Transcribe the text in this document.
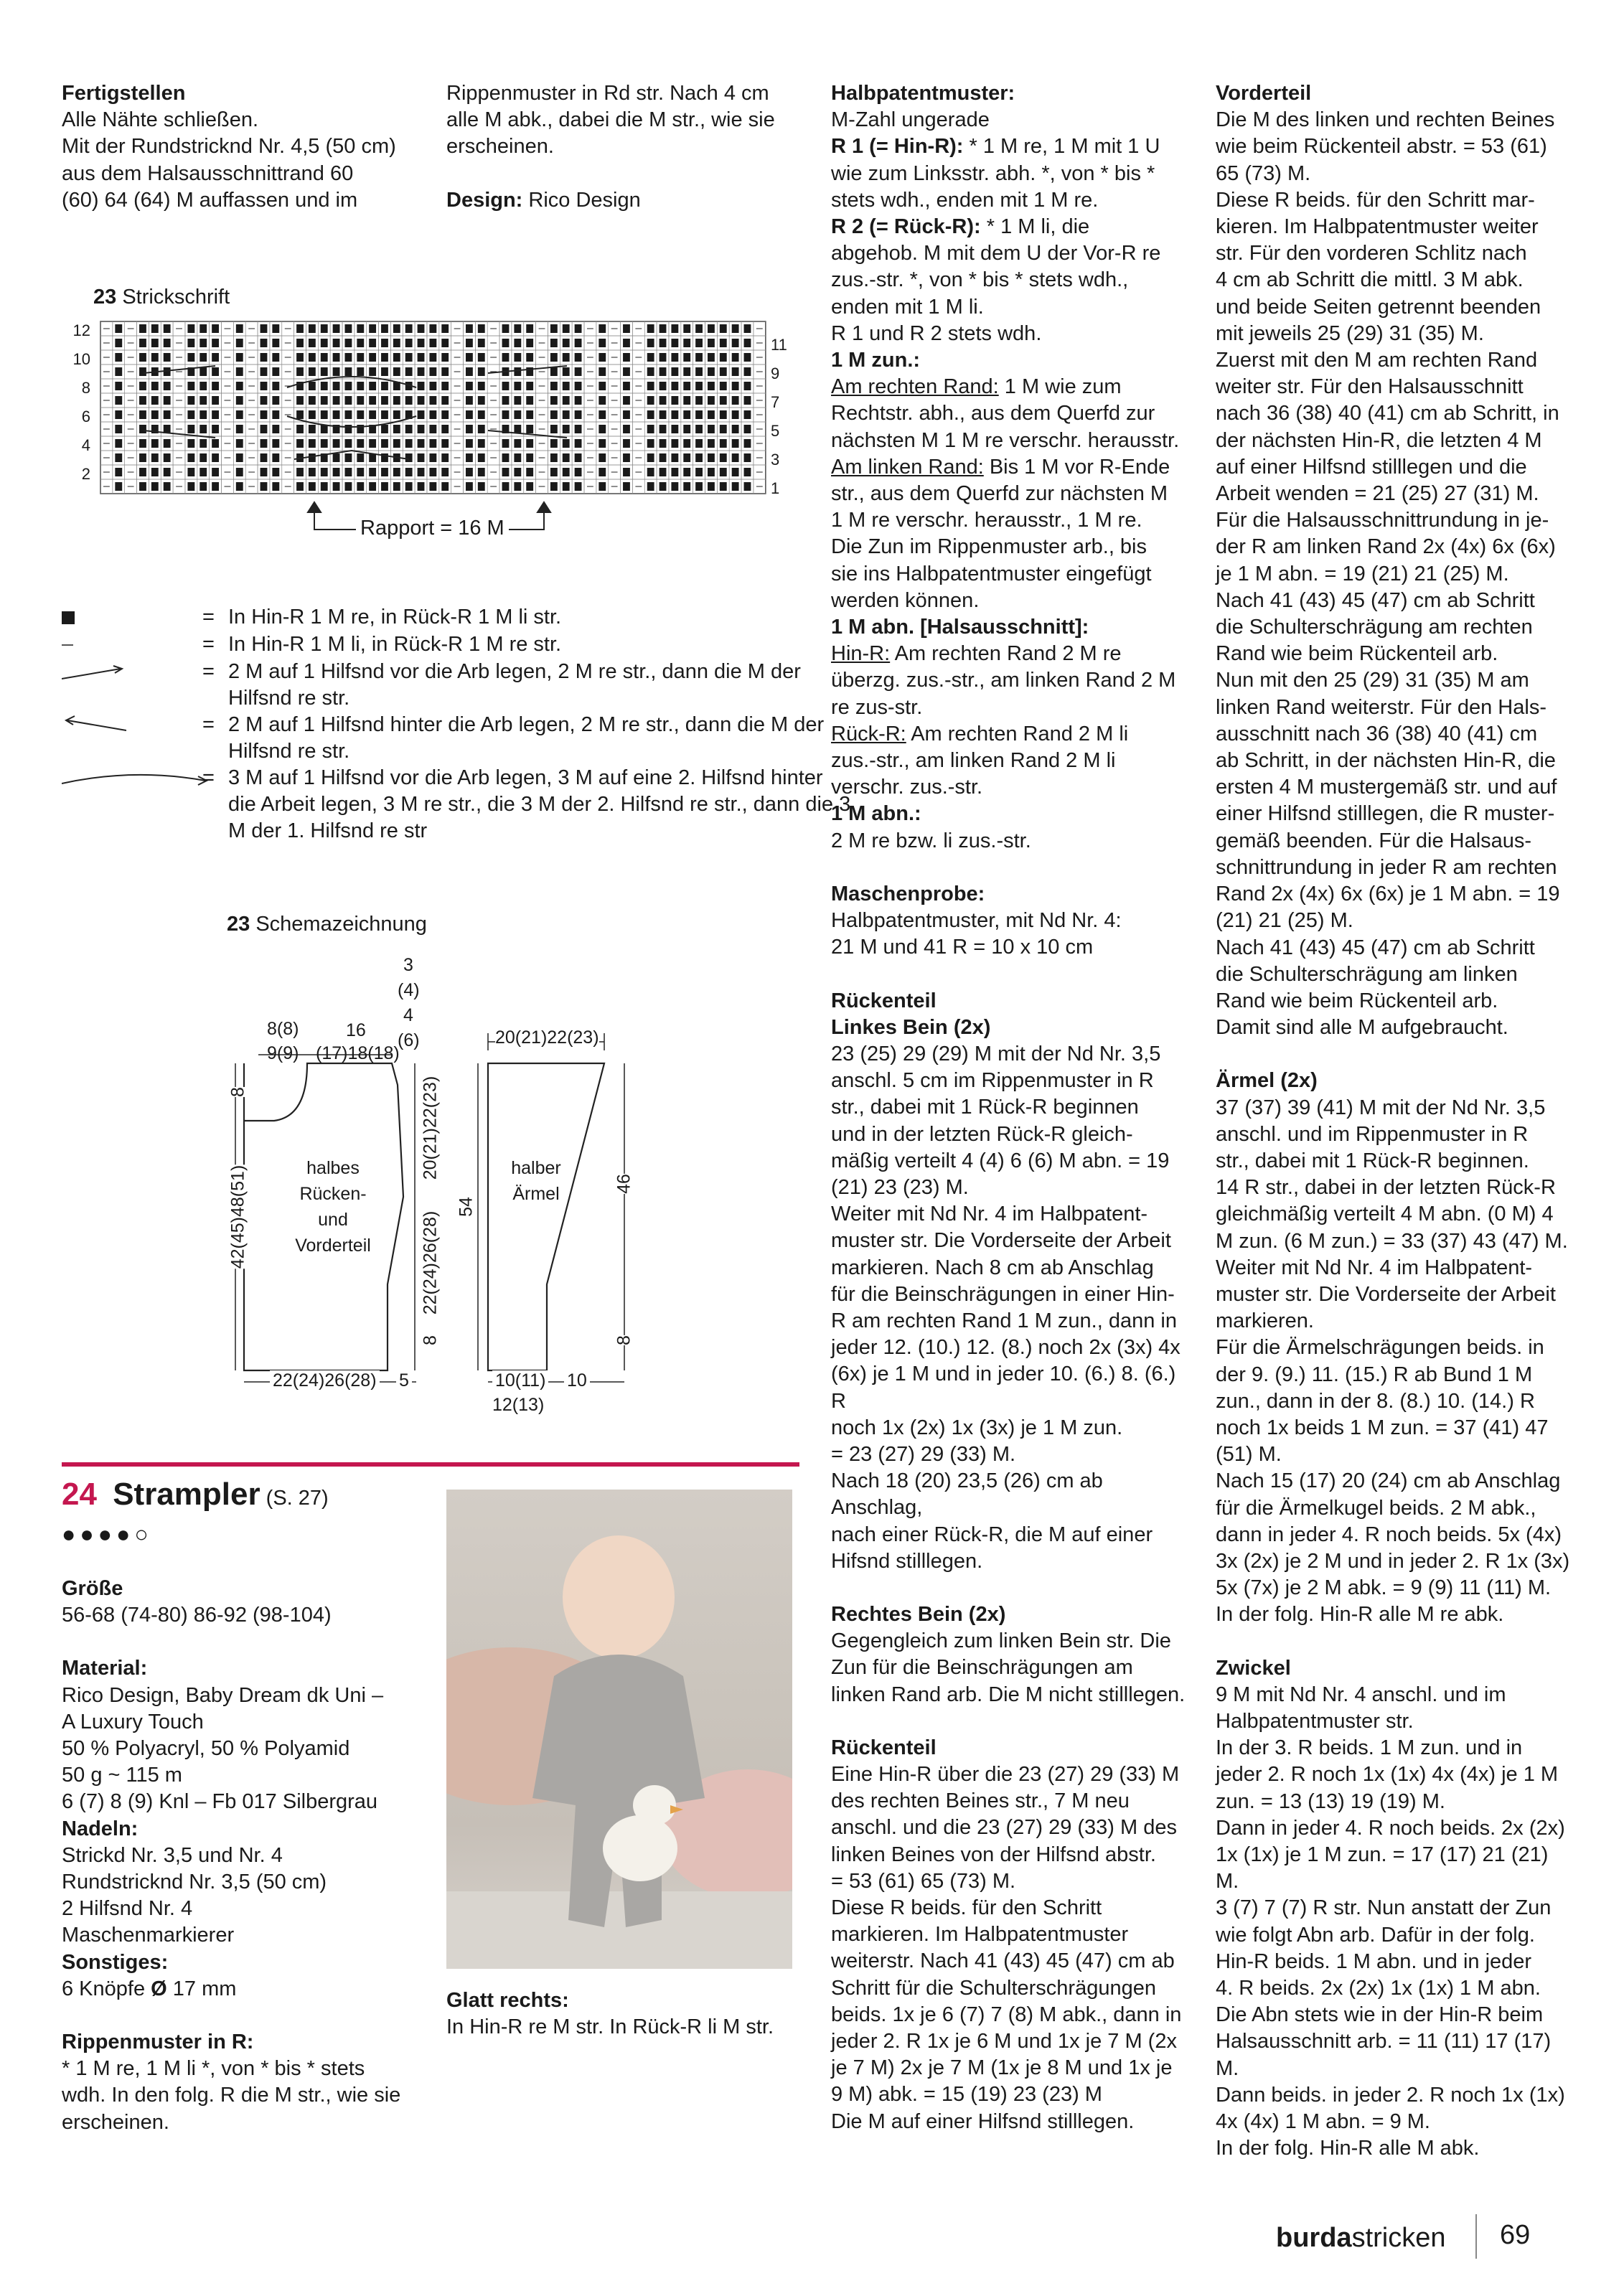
Fertigstellen

Alle Nähte schließen.

Mit der Rundstricknd Nr. 4,5 (50 cm)

aus dem Halsausschnittrand 60

(60) 64 (64) M auffassen und im

Rippenmuster in Rd str. Nach 4 cm

alle M abk., dabei die M str., wie sie

erscheinen.

Design: Rico Design

23 Strickschrift
12
10
8
6
4
2
11
9
7
5
3
1
Rapport = 16 M
= In Hin-R 1 M re, in Rück-R 1 M li str.
= In Hin-R 1 M li, in Rück-R 1 M re str.
= 2 M auf 1 Hilfsnd vor die Arb legen, 2 M re str., dann die M der Hilfsnd re str.
= 2 M auf 1 Hilfsnd hinter die Arb legen, 2 M re str., dann die M der Hilfsnd re str.
= 3 M auf 1 Hilfsnd vor die Arb legen, 3 M auf eine 2. Hilfsnd hinter die Arbeit legen, 3 M re str., die 3 M der 2. Hilfsnd re str., dann die 3 M der 1. Hilfsnd re str
23 Schemazeichnung
3
(4)
4
(6)
8(8)
9(9)
16
(17)18(18)
20(21)22(23)
42(45)48(51)
8	20(21)22(23)
22(24)26(28)
8
54
46
8
22(24)26(28) 5	10(11)
12(13)
10
halbes
Rücken-
und
Vorderteil
halber
Ärmel
24 Strampler (S. 27)
●●●●○

Größe

56-68 (74-80) 86-92 (98-104)

Material:

Rico Design, Baby Dream dk Uni –

A Luxury Touch

50 % Polyacryl, 50 % Polyamid

50 g ~ 115 m

6 (7) 8 (9) Knl – Fb 017 Silbergrau

Nadeln:

Strickd Nr. 3,5 und Nr. 4

Rundstricknd Nr. 3,5 (50 cm)

2 Hilfsnd Nr. 4

Maschenmarkierer

Sonstiges:

6 Knöpfe Ø 17 mm

Rippenmuster in R:

* 1 M re, 1 M li *, von * bis * stets

wdh. In den folg. R die M str., wie sie

erscheinen.

Glatt rechts:

In Hin-R re M str. In Rück-R li M str.

Halbpatentmuster:

M-Zahl ungerade

R 1 (= Hin-R): * 1 M re, 1 M mit 1 U

wie zum Linksstr. abh. *, von * bis *

stets wdh., enden mit 1 M re.

R 2 (= Rück-R): * 1 M li, die

abgehob. M mit dem U der Vor-R re

zus.-str. *, von * bis * stets wdh.,

enden mit 1 M li.

R 1 und R 2 stets wdh.

1 M zun.:

Am rechten Rand: 1 M wie zum

Rechtstr. abh., aus dem Querfd zur

nächsten M 1 M re verschr. herausstr.

Am linken Rand: Bis 1 M vor R-Ende

str., aus dem Querfd zur nächsten M

1 M re verschr. herausstr., 1 M re.

Die Zun im Rippenmuster arb., bis

sie ins Halbpatentmuster eingefügt

werden können.

1 M abn. [Halsausschnitt]:

Hin-R: Am rechten Rand 2 M re

überzg. zus.-str., am linken Rand 2 M

re zus-str.

Rück-R: Am rechten Rand 2 M li

zus.-str., am linken Rand 2 M li

verschr. zus.-str.

1 M abn.:

2 M re bzw. li zus.-str.

Maschenprobe:

Halbpatentmuster, mit Nd Nr. 4:

21 M und 41 R = 10 x 10 cm

Rückenteil

Linkes Bein (2x)

23 (25) 29 (29) M mit der Nd Nr. 3,5

anschl. 5 cm im Rippenmuster in R

str., dabei mit 1 Rück-R beginnen

und in der letzten Rück-R gleich-

mäßig verteilt 4 (4) 6 (6) M abn. = 19

(21) 23 (23) M.

Weiter mit Nd Nr. 4 im Halbpatent-

muster str. Die Vorderseite der Arbeit

markieren. Nach 8 cm ab Anschlag

für die Beinschrägungen in einer Hin-

R am rechten Rand 1 M zun., dann in

jeder 12. (10.) 12. (8.) noch 2x (3x) 4x

(6x) je 1 M und in jeder 10. (6.) 8. (6.) R

noch 1x (2x) 1x (3x) je 1 M zun.

= 23 (27) 29 (33) M.

Nach 18 (20) 23,5 (26) cm ab Anschlag,

nach einer Rück-R, die M auf einer

Hifsnd stilllegen.

Rechtes Bein (2x)

Gegengleich zum linken Bein str. Die

Zun für die Beinschrägungen am

linken Rand arb. Die M nicht stilllegen.

Rückenteil

Eine Hin-R über die 23 (27) 29 (33) M

des rechten Beines str., 7 M neu

anschl. und die 23 (27) 29 (33) M des

linken Beines von der Hilfsnd abstr.

= 53 (61) 65 (73) M.

Diese R beids. für den Schritt

markieren. Im Halbpatentmuster

weiterstr. Nach 41 (43) 45 (47) cm ab

Schritt für die Schulterschrägungen

beids. 1x je 6 (7) 7 (8) M abk., dann in

jeder 2. R 1x je 6 M und 1x je 7 M (2x

je 7 M) 2x je 7 M (1x je 8 M und 1x je

9 M) abk. = 15 (19) 23 (23) M

Die M auf einer Hilfsnd stilllegen.

Vorderteil

Die M des linken und rechten Beines

wie beim Rückenteil abstr. = 53 (61)

65 (73) M.

Diese R beids. für den Schritt mar-

kieren. Im Halbpatentmuster weiter

str. Für den vorderen Schlitz nach

4 cm ab Schritt die mittl. 3 M abk.

und beide Seiten getrennt beenden

mit jeweils 25 (29) 31 (35) M.

Zuerst mit den M am rechten Rand

weiter str. Für den Halsausschnitt

nach 36 (38) 40 (41) cm ab Schritt, in

der nächsten Hin-R, die letzten 4 M

auf einer Hilfsnd stilllegen und die

Arbeit wenden = 21 (25) 27 (31) M.

Für die Halsausschnittrundung in je-

der R am linken Rand 2x (4x) 6x (6x)

je 1 M abn. = 19 (21) 21 (25) M.

Nach 41 (43) 45 (47) cm ab Schritt

die Schulterschrägung am rechten

Rand wie beim Rückenteil arb.

Nun mit den 25 (29) 31 (35) M am

linken Rand weiterstr. Für den Hals-

ausschnitt nach 36 (38) 40 (41) cm

ab Schritt, in der nächsten Hin-R, die

ersten 4 M mustergemäß str. und auf

einer Hilfsnd stilllegen, die R muster-

gemäß beenden. Für die Halsaus-

schnittrundung in jeder R am rechten

Rand 2x (4x) 6x (6x) je 1 M abn. = 19

(21) 21 (25) M.

Nach 41 (43) 45 (47) cm ab Schritt

die Schulterschrägung am linken

Rand wie beim Rückenteil arb.

Damit sind alle M aufgebraucht.

Ärmel (2x)

37 (37) 39 (41) M mit der Nd Nr. 3,5

anschl. und im Rippenmuster in R

str., dabei mit 1 Rück-R beginnen.

14 R str., dabei in der letzten Rück-R

gleichmäßig verteilt 4 M abn. (0 M) 4

M zun. (6 M zun.) = 33 (37) 43 (47) M.

Weiter mit Nd Nr. 4 im Halbpatent-

muster str. Die Vorderseite der Arbeit

markieren.

Für die Ärmelschrägungen beids. in

der 9. (9.) 11. (15.) R ab Bund 1 M

zun., dann in der 8. (8.) 10. (14.) R

noch 1x beids 1 M zun. = 37 (41) 47

(51) M.

Nach 15 (17) 20 (24) cm ab Anschlag

für die Ärmelkugel beids. 2 M abk.,

dann in jeder 4. R noch beids. 5x (4x)

3x (2x) je 2 M und in jeder 2. R 1x (3x)

5x (7x) je 2 M abk. = 9 (9) 11 (11) M.

In der folg. Hin-R alle M re abk.

Zwickel

9 M mit Nd Nr. 4 anschl. und im

Halbpatentmuster str.

In der 3. R beids. 1 M zun. und in

jeder 2. R noch 1x (1x) 4x (4x) je 1 M

zun. = 13 (13) 19 (19) M.

Dann in jeder 4. R noch beids. 2x (2x)

1x (1x) je 1 M zun. = 17 (17) 21 (21) M.

3 (7) 7 (7) R str. Nun anstatt der Zun

wie folgt Abn arb. Dafür in der folg.

Hin-R beids. 1 M abn. und in jeder

4. R beids. 2x (2x) 1x (1x) 1 M abn.

Die Abn stets wie in der Hin-R beim

Halsausschnitt arb. = 11 (11) 17 (17) M.

Dann beids. in jeder 2. R noch 1x (1x)

4x (4x) 1 M abn. = 9 M.

In der folg. Hin-R alle M abk.

burdastricken 69
